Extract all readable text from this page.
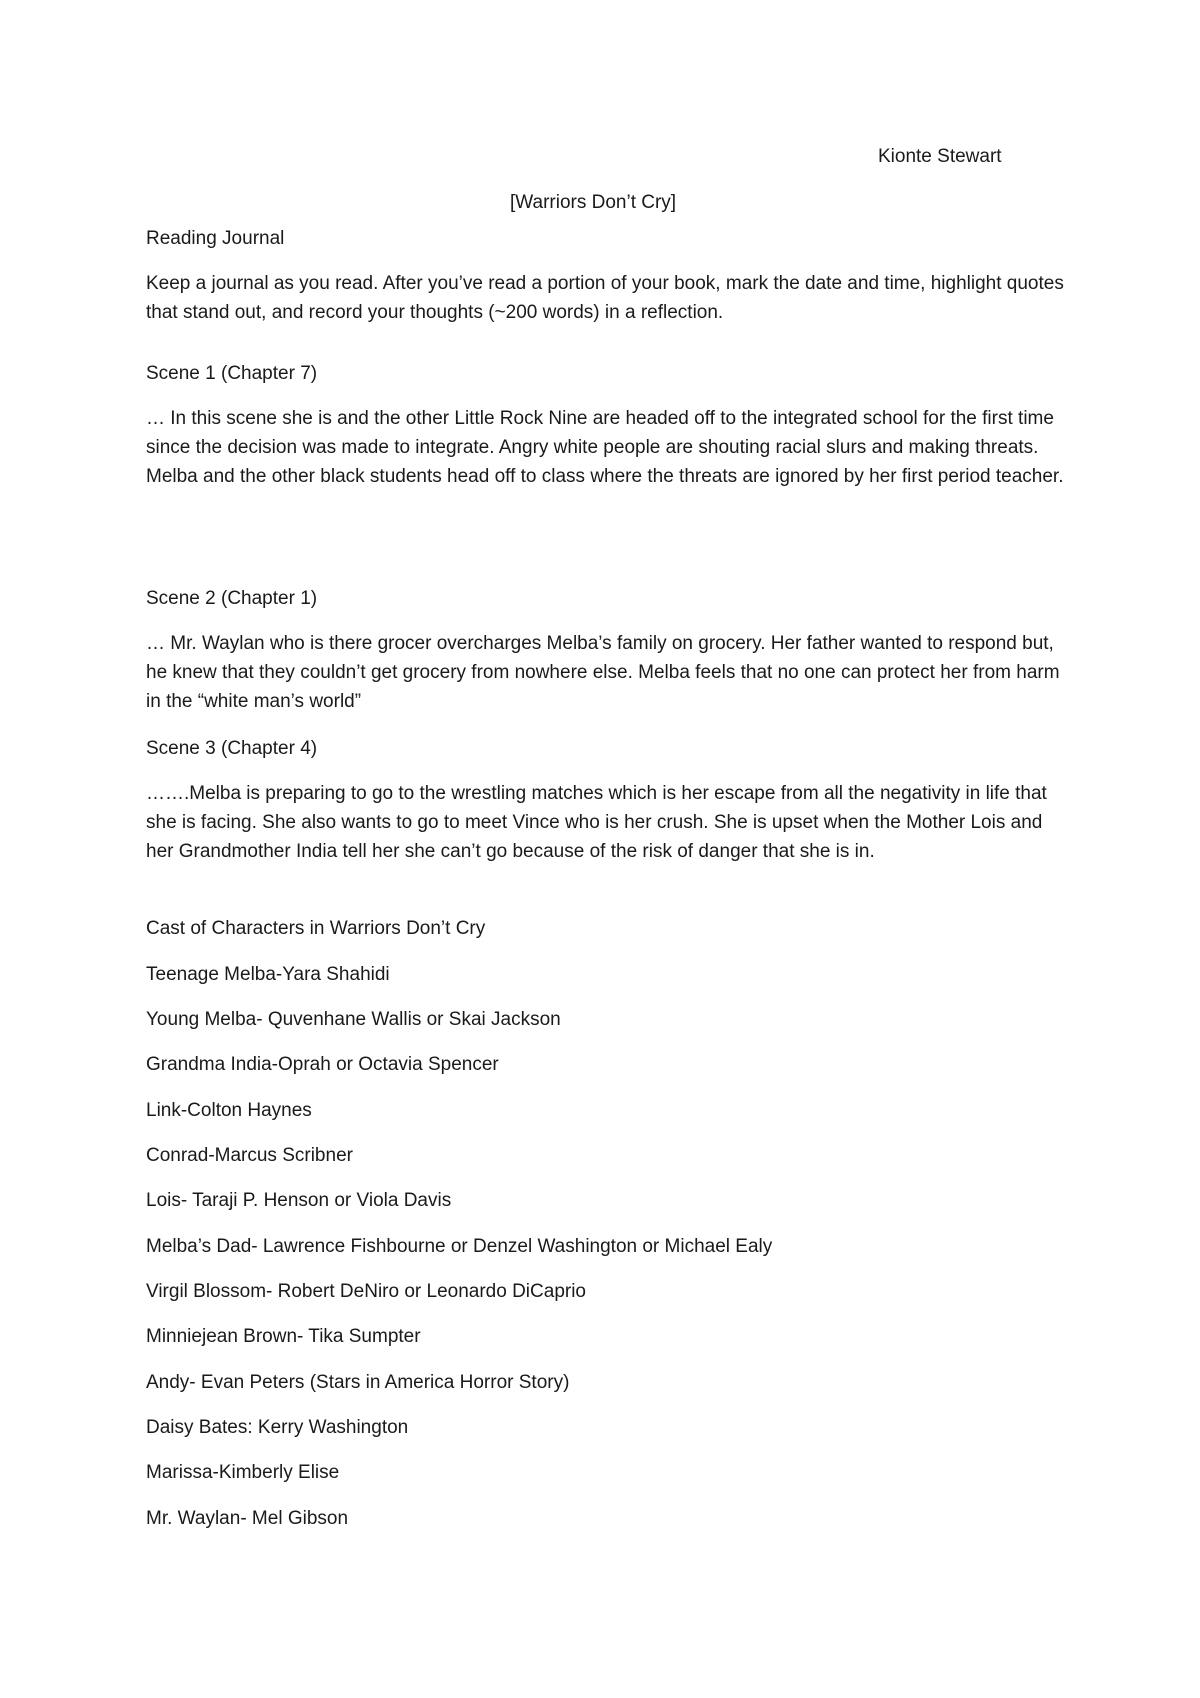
Kionte Stewart
[Warriors Don’t Cry]

Reading Journal

Keep a journal as you read. After you’ve read a portion of your book, mark the date and time, highlight quotes that stand out, and record your thoughts (~200 words) in a reflection.

Scene 1 (Chapter 7)

… In this scene she is and the other Little Rock Nine are headed off to the integrated school for the first time since the decision was made to integrate. Angry white people are shouting racial slurs and making threats. Melba and the other black students head off to class where the threats are ignored by her first period teacher.

Scene 2 (Chapter 1)

… Mr. Waylan who is there grocer overcharges Melba’s family on grocery. Her father wanted to respond but, he knew that they couldn’t get grocery from nowhere else. Melba feels that no one can protect her from harm in the “white man’s world”

Scene 3 (Chapter 4)

…….Melba is preparing to go to the wrestling matches which is her escape from all the negativity in life that she is facing. She also wants to go to meet Vince who is her crush. She is upset when the Mother Lois and her Grandmother India tell her she can’t go because of the risk of danger that she is in.

Cast of Characters in Warriors Don’t Cry

Teenage Melba-Yara Shahidi

Young Melba- Quvenhane Wallis or Skai Jackson

Grandma India-Oprah or Octavia Spencer

Link-Colton Haynes

Conrad-Marcus Scribner

Lois- Taraji P. Henson or Viola Davis

Melba’s Dad- Lawrence Fishbourne or Denzel Washington or Michael Ealy

Virgil Blossom- Robert DeNiro or Leonardo DiCaprio

Minniejean Brown- Tika Sumpter

Andy- Evan Peters (Stars in America Horror Story)

Daisy Bates: Kerry Washington

Marissa-Kimberly Elise

Mr. Waylan- Mel Gibson
